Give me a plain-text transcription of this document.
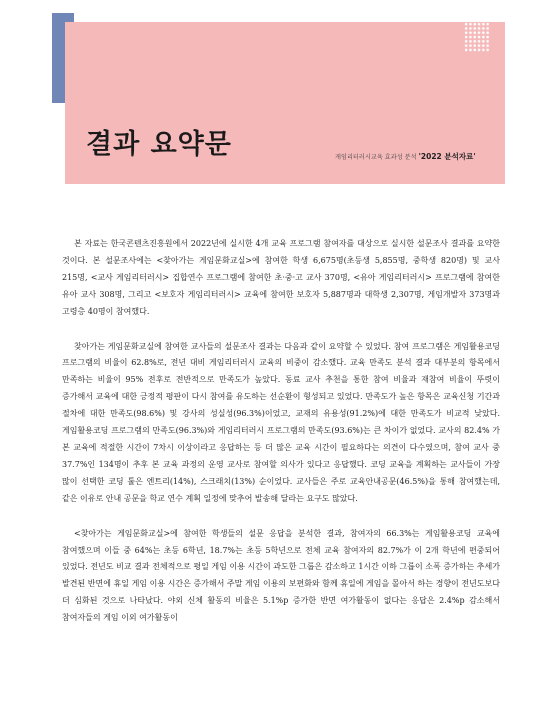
결과 요약문	게임리터러시교육 효과성 분석 '2022 분석자료'

본 자료는 한국콘텐츠진흥원에서 2022년에 실시한 4개 교육 프로그램 참여자를 대상으로 실시한 설문조사 결과를 요약한 것이다. 본 설문조사에는 <찾아가는 게임문화교실>에 참여한 학생 6,675명(초등생 5,855명, 중학생 820명) 및 교사 215명, <교사 게임리터러시> 집합연수 프로그램에 참여한 초·중·고 교사 370명, <유아 게임리터러시> 프로그램에 참여한 유아 교사 308명, 그리고 <보호자 게임리터러시> 교육에 참여한 보호자 5,887명과 대학생 2,307명, 게임개발자 373명과 고령층 40명이 참여했다.

찾아가는 게임문화교실에 참여한 교사들의 설문조사 결과는 다음과 같이 요약할 수 있었다. 참여 프로그램은 게임활용코딩 프로그램의 비율이 62.8%로, 전년 대비 게임리터러시 교육의 비중이 감소했다. 교육 만족도 분석 결과 대부분의 항목에서 만족하는 비율이 95% 전후로 전반적으로 만족도가 높았다. 동료 교사 추천을 통한 참여 비율과 재참여 비율이 뚜렷이 증가해서 교육에 대한 긍정적 평판이 다시 참여를 유도하는 선순환이 형성되고 있었다. 만족도가 높은 항목은 교육신청 기간과 절차에 대한 만족도(98.6%) 및 강사의 성실성(96.3%)이었고, 교재의 유용성(91.2%)에 대한 만족도가 비교적 낮았다. 게임활용코딩 프로그램의 만족도(96.3%)와 게임리터러시 프로그램의 만족도(93.6%)는 큰 차이가 없었다. 교사의 82.4% 가 본 교육에 적절한 시간이 7차시 이상이라고 응답하는 등 더 많은 교육 시간이 필요하다는 의견이 다수였으며, 참여 교사 중 37.7%인 134명이 추후 본 교육 과정의 운영 교사로 참여할 의사가 있다고 응답했다. 코딩 교육을 계획하는 교사들이 가장 많이 선택한 코딩 툴은 엔트리(14%), 스크래치(13%) 순이었다. 교사들은 주로 교육안내공문(46.5%)을 통해 참여했는데, 같은 이유로 안내 공문을 학교 연수 계획 일정에 맞추어 발송해 달라는 요구도 많았다.

<찾아가는 게임문화교실>에 참여한 학생들의 설문 응답을 분석한 결과, 참여자의 66.3%는 게임활용코딩 교육에 참여했으며 이들 중 64%는 초등 6학년, 18.7%는 초등 5학년으로 전체 교육 참여자의 82.7%가 이 2개 학년에 편중되어 있었다. 전년도 비교 결과 전체적으로 평일 게임 이용 시간이 과도한 그룹은 감소하고 1시간 이하 그룹이 소폭 증가하는 추세가 발견된 반면에 휴일 게임 이용 시간은 증가해서 주말 게임 이용의 보편화와 함께 휴일에 게임을 몰아서 하는 경향이 전년도보다 더 심화된 것으로 나타났다. 야외 신체 활동의 비율은 5.1%p 증가한 반면 여가활동이 없다는 응답은 2.4%p 감소해서 참여자들의 게임 이외 여가활동이
